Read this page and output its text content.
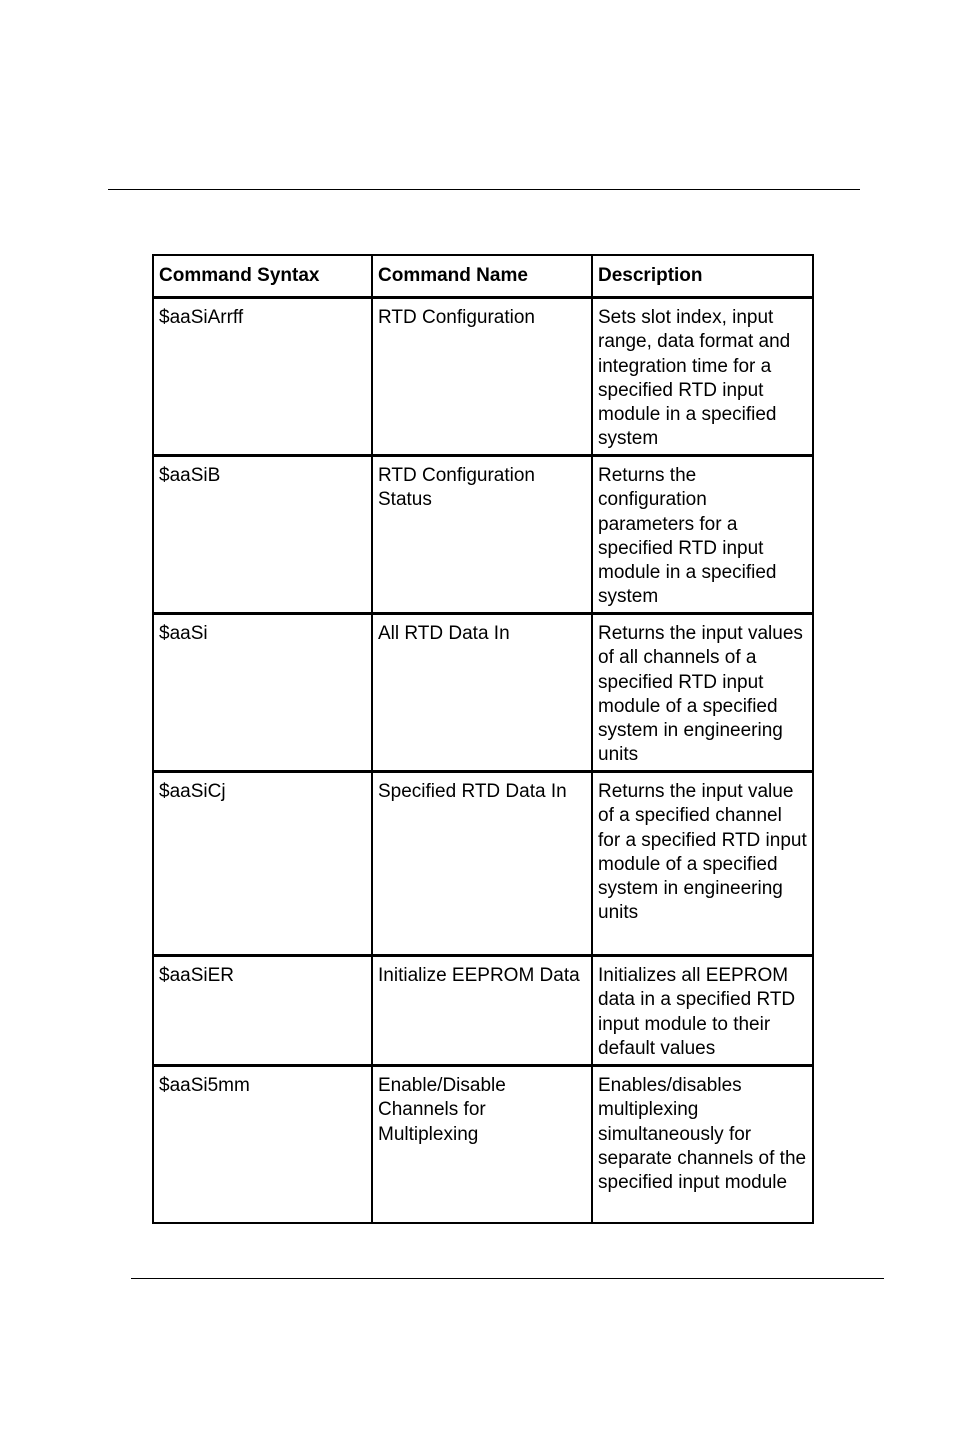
Command Syntax	Command Name	Description
$aaSiArrff	RTD Configuration	Sets slot index, input range, data format and integration time for a specified RTD input module in a specified system
$aaSiB	RTD Configuration Status	Returns the configuration parameters for a specified RTD input module in a specified system
$aaSi	All RTD Data In	Returns the input values of all channels of a specified RTD input module of a specified system in engineering units
$aaSiCj	Specified RTD Data In	Returns the input value of a specified channel for a specified RTD input module of a specified system in engineering units
$aaSiER	Initialize EEPROM Data	Initializes all EEPROM data in a specified RTD input module to their default values
$aaSi5mm	Enable/Disable Channels for Multiplexing	Enables/disables multiplexing simultaneously for separate channels of the specified input module
